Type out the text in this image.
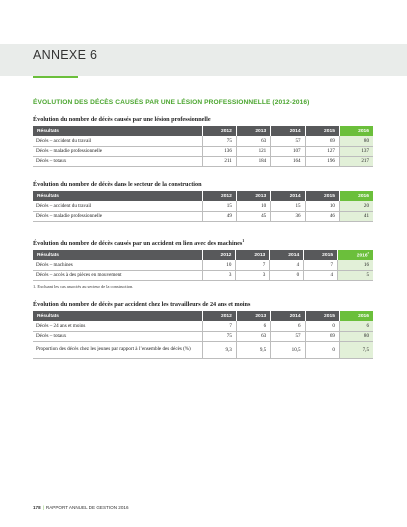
ANNEXE 6
ÉVOLUTION DES DÉCÈS CAUSÉS PAR UNE LÉSION PROFESSIONNELLE (2012-2016)
Évolution du nombre de décès causés par une lésion professionnelle
Résultats	2012	2013	2014	2015	2016
Décès – accident du travail	75	63	57	69	80
Décès – maladie professionnelle	136	121	107	127	137
Décès – totaux	211	184	164	196	217
Évolution du nombre de décès dans le secteur de la construction
Résultats	2012	2013	2014	2015	2016
Décès – accident du travail	15	10	15	10	20
Décès – maladie professionnelle	49	45	36	46	41
Évolution du nombre de décès causés par un accident en lien avec des machines$^1$
Résultats	2012	2013	2014	2015	2016$^r$
Décès – machines	10	7	4	7	16
Décès – accès à des pièces en mouvement	3	3	0	4	5
1. Excluant les cas associés au secteur de la construction.
Évolution du nombre de décès par accident chez les travailleurs de 24 ans et moins
Résultats	2012	2013	2014	2015	2016
Décès – 24 ans et moins	7	6	6	0	6
Décès – totaux	75	63	57	69	80
Proportion des décès chez les jeunes par rapport à l’ensemble des décès (%)	9,3	9,5	10,5	0	7,5
178 | RAPPORT ANNUEL DE GESTION 2016
